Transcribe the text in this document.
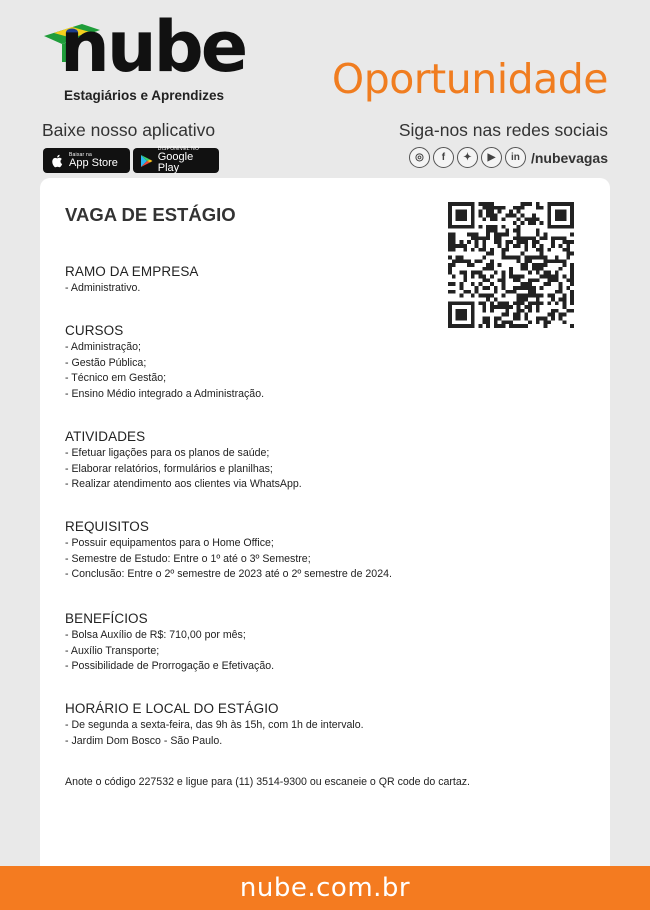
nube
Estagiários e Aprendizes	Oportunidade
Baixe nosso aplicativo
Baixar na
App Store
DISPONÍVEL NO
Google Play
Siga-nos nas redes sociais
◎	f	✦	▶	in /nubevagas
VAGA DE ESTÁGIO
RAMO DA EMPRESA
- Administrativo.
CURSOS
- Administração;
- Gestão Pública;
- Técnico em Gestão;
- Ensino Médio integrado a Administração.
ATIVIDADES
- Efetuar ligações para os planos de saúde;
- Elaborar relatórios, formulários e planilhas;
- Realizar atendimento aos clientes via WhatsApp.
REQUISITOS
- Possuir equipamentos para o Home Office;
- Semestre de Estudo: Entre o 1º até o 3º Semestre;
- Conclusão: Entre o 2º semestre de 2023 até o 2º semestre de 2024.
BENEFÍCIOS
- Bolsa Auxílio de R$: 710,00 por mês;
- Auxílio Transporte;
- Possibilidade de Prorrogação e Efetivação.
HORÁRIO E LOCAL DO ESTÁGIO
- De segunda a sexta-feira, das 9h às 15h, com 1h de intervalo.
- Jardim Dom Bosco - São Paulo.
Anote o código 227532 e ligue para (11) 3514-9300 ou escaneie o QR code do cartaz.
nube.com.br
